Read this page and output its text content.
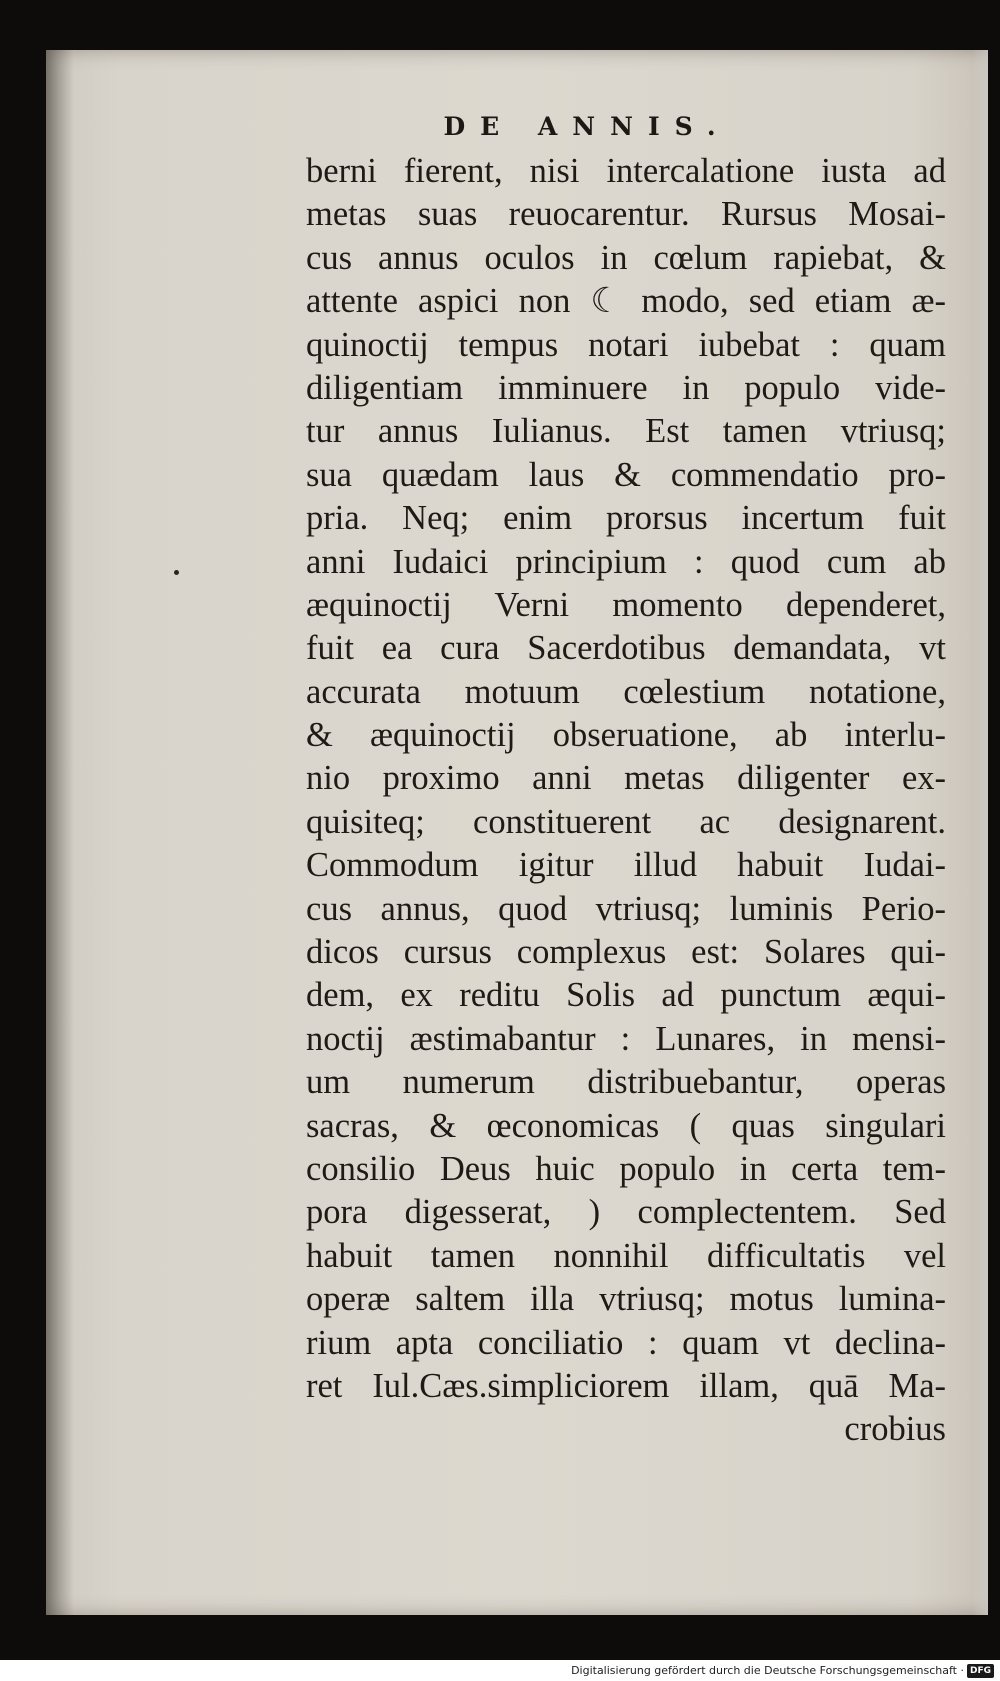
DE ANNIS.
berni fierent, nisi intercalatione iusta ad
metas suas reuocarentur. Rursus Mosai-
cus annus oculos in cœlum rapiebat, &
attente aspici non ☾ modo, sed etiam æ-
quinoctij tempus notari iubebat : quam
diligentiam imminuere in populo vide-
tur annus Iulianus. Est tamen vtriusq;
sua quædam laus & commendatio pro-
pria. Neq; enim prorsus incertum fuit
anni Iudaici principium : quod cum ab
æquinoctij Verni momento dependeret,
fuit ea cura Sacerdotibus demandata, vt
accurata motuum cœlestium notatione,
& æquinoctij obseruatione, ab interlu-
nio proximo anni metas diligenter ex-
quisiteq; constituerent ac designarent.
Commodum igitur illud habuit Iudai-
cus annus, quod vtriusq; luminis Perio-
dicos cursus complexus est: Solares qui-
dem, ex reditu Solis ad punctum æqui-
noctij æstimabantur : Lunares, in mensi-
um numerum distribuebantur, operas
sacras, & œconomicas ( quas singulari
consilio Deus huic populo in certa tem-
pora digesserat, ) complectentem. Sed
habuit tamen nonnihil difficultatis vel
operæ saltem illa vtriusq; motus lumina-
rium apta conciliatio : quam vt declina-
ret Iul.Cæs.simpliciorem illam, quā Ma-
crobius
Digitalisierung gefördert durch die Deutsche Forschungsgemeinschaft · DFG
